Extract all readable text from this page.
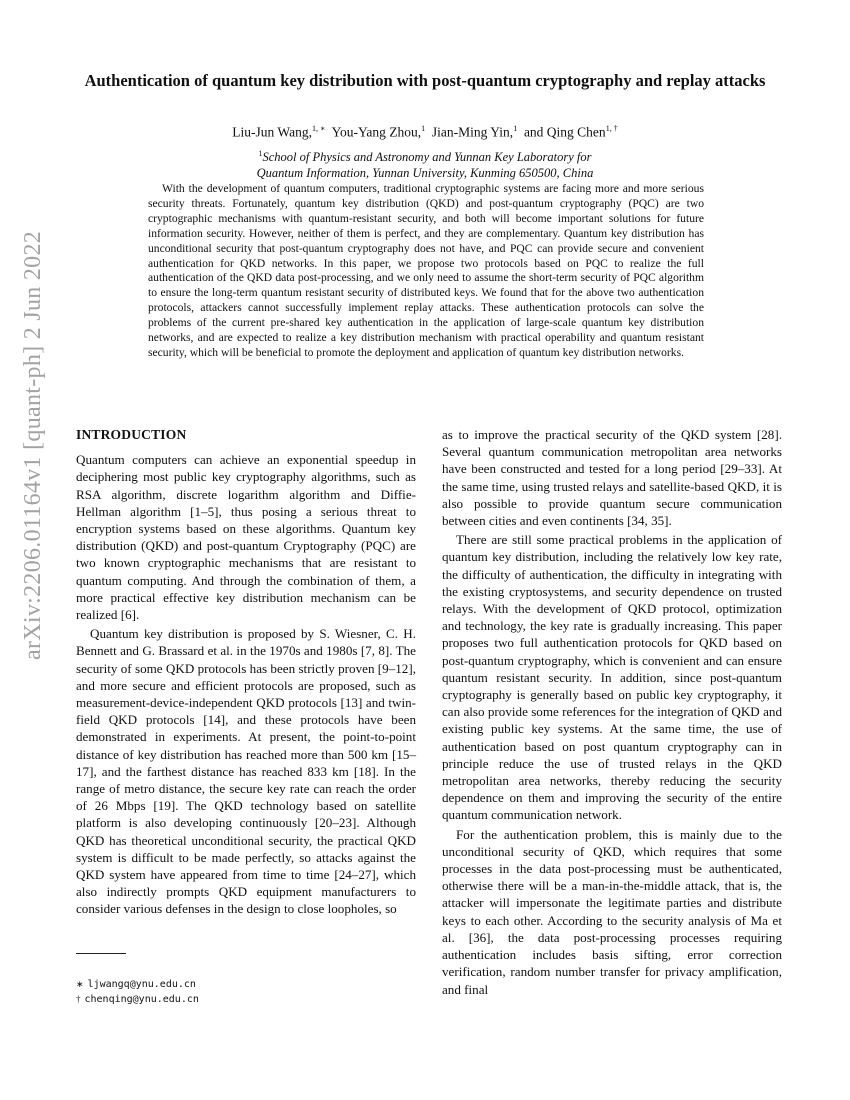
arXiv:2206.01164v1 [quant-ph] 2 Jun 2022
Authentication of quantum key distribution with post-quantum cryptography and replay attacks
Liu-Jun Wang,$^{1, ∗}$ You-Yang Zhou,$^1$ Jian-Ming Yin,$^1$ and Qing Chen$^{1, \dagger}$
$^1$School of Physics and Astronomy and Yunnan Key Laboratory for
Quantum Information, Yunnan University, Kunming 650500, China
With the development of quantum computers, traditional cryptographic systems are facing more and more serious security threats. Fortunately, quantum key distribution (QKD) and post-quantum cryptography (PQC) are two cryptographic mechanisms with quantum-resistant security, and both will become important solutions for future information security. However, neither of them is perfect, and they are complementary. Quantum key distribution has unconditional security that post-quantum cryptography does not have, and PQC can provide secure and convenient authentication for QKD networks. In this paper, we propose two protocols based on PQC to realize the full authentication of the QKD data post-processing, and we only need to assume the short-term security of PQC algorithm to ensure the long-term quantum resistant security of distributed keys. We found that for the above two authentication protocols, attackers cannot successfully implement replay attacks. These authentication protocols can solve the problems of the current pre-shared key authentication in the application of large-scale quantum key distribution networks, and are expected to realize a key distribution mechanism with practical operability and quantum resistant security, which will be beneficial to promote the deployment and application of quantum key distribution networks.
INTRODUCTION

Quantum computers can achieve an exponential speedup in deciphering most public key cryptography algorithms, such as RSA algorithm, discrete logarithm algorithm and Diffie-Hellman algorithm [1–5], thus posing a serious threat to encryption systems based on these algorithms. Quantum key distribution (QKD) and post-quantum Cryptography (PQC) are two known cryptographic mechanisms that are resistant to quantum computing. And through the combination of them, a more practical effective key distribution mechanism can be realized [6].

Quantum key distribution is proposed by S. Wiesner, C. H. Bennett and G. Brassard et al. in the 1970s and 1980s [7, 8]. The security of some QKD protocols has been strictly proven [9–12], and more secure and efficient protocols are proposed, such as measurement-device-independent QKD protocols [13] and twin-field QKD protocols [14], and these protocols have been demonstrated in experiments. At present, the point-to-point distance of key distribution has reached more than 500 km [15–17], and the farthest distance has reached 833 km [18]. In the range of metro distance, the secure key rate can reach the order of 26 Mbps [19]. The QKD technology based on satellite platform is also developing continuously [20–23]. Although QKD has theoretical unconditional security, the practical QKD system is difficult to be made perfectly, so attacks against the QKD system have appeared from time to time [24–27], which also indirectly prompts QKD equipment manufacturers to consider various defenses in the design to close loopholes, so

as to improve the practical security of the QKD system [28]. Several quantum communication metropolitan area networks have been constructed and tested for a long period [29–33]. At the same time, using trusted relays and satellite-based QKD, it is also possible to provide quantum secure communication between cities and even continents [34, 35].

There are still some practical problems in the application of quantum key distribution, including the relatively low key rate, the difficulty of authentication, the difficulty in integrating with the existing cryptosystems, and security dependence on trusted relays. With the development of QKD protocol, optimization and technology, the key rate is gradually increasing. This paper proposes two full authentication protocols for QKD based on post-quantum cryptography, which is convenient and can ensure quantum resistant security. In addition, since post-quantum cryptography is generally based on public key cryptography, it can also provide some references for the integration of QKD and existing public key systems. At the same time, the use of authentication based on post quantum cryptography can in principle reduce the use of trusted relays in the QKD metropolitan area networks, thereby reducing the security dependence on them and improving the security of the entire quantum communication network.

For the authentication problem, this is mainly due to the unconditional security of QKD, which requires that some processes in the data post-processing must be authenticated, otherwise there will be a man-in-the-middle attack, that is, the attacker will impersonate the legitimate parties and distribute keys to each other. According to the security analysis of Ma et al. [36], the data post-processing processes requiring authentication includes basis sifting, error correction verification, random number transfer for privacy amplification, and final

∗ ljwangq@ynu.edu.cn
† chenqing@ynu.edu.cn
